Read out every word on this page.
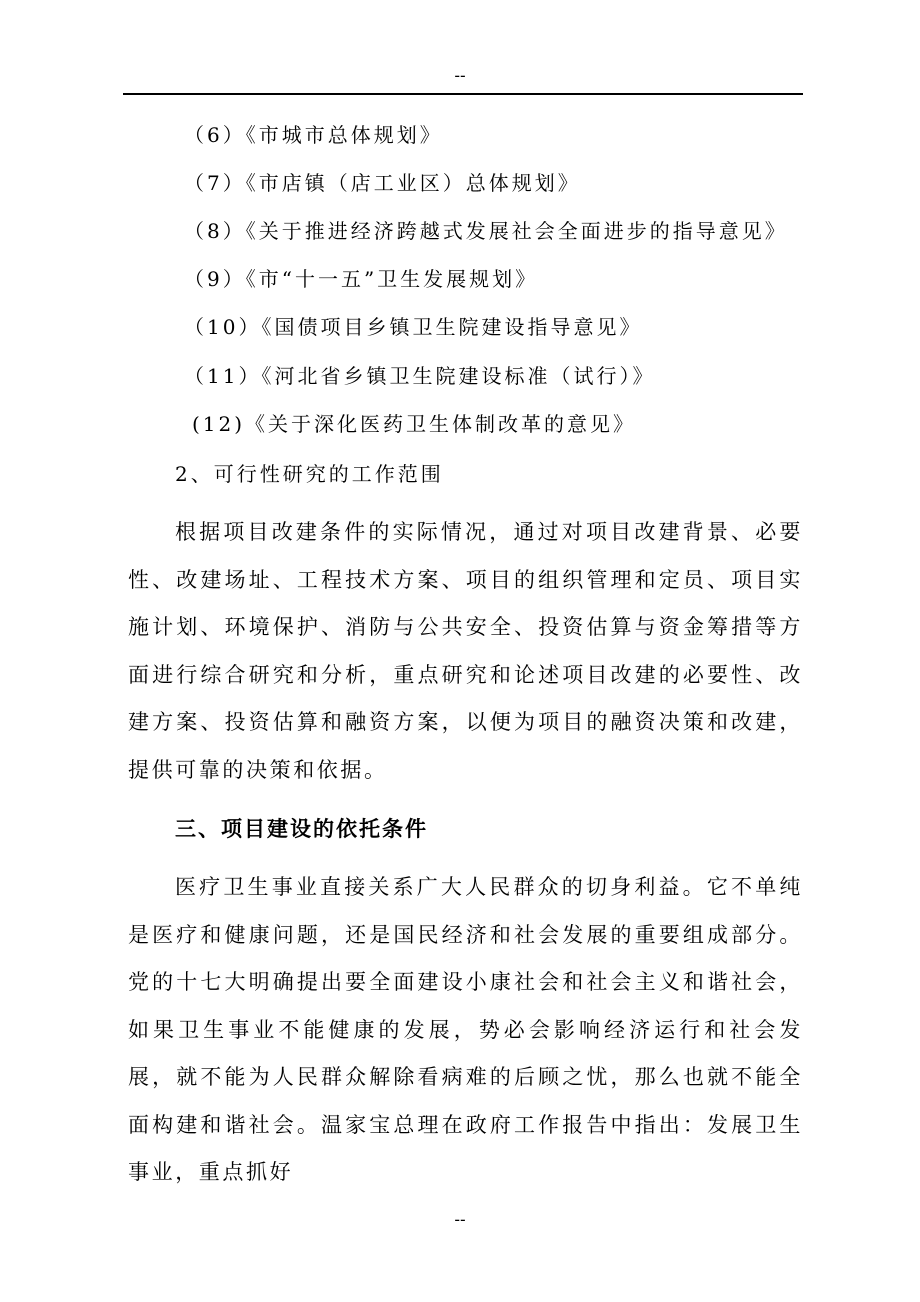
--
（6）《市城市总体规划》
（7）《市店镇（店工业区）总体规划》
（8）《关于推进经济跨越式发展社会全面进步的指导意见》
（9）《市“十一五”卫生发展规划》
（10）《国债项目乡镇卫生院建设指导意见》
（11）《河北省乡镇卫生院建设标准（试行）》
(12)《关于深化医药卫生体制改革的意见》
2、可行性研究的工作范围

根据项目改建条件的实际情况，通过对项目改建背景、必要性、改建场址、工程技术方案、项目的组织管理和定员、项目实施计划、环境保护、消防与公共安全、投资估算与资金筹措等方面进行综合研究和分析，重点研究和论述项目改建的必要性、改建方案、投资估算和融资方案，以便为项目的融资决策和改建，提供可靠的决策和依据。

三、项目建设的依托条件

医疗卫生事业直接关系广大人民群众的切身利益。它不单纯是医疗和健康问题，还是国民经济和社会发展的重要组成部分。党的十七大明确提出要全面建设小康社会和社会主义和谐社会，如果卫生事业不能健康的发展，势必会影响经济运行和社会发展，就不能为人民群众解除看病难的后顾之忧，那么也就不能全面构建和谐社会。温家宝总理在政府工作报告中指出：发展卫生事业，重点抓好

--
